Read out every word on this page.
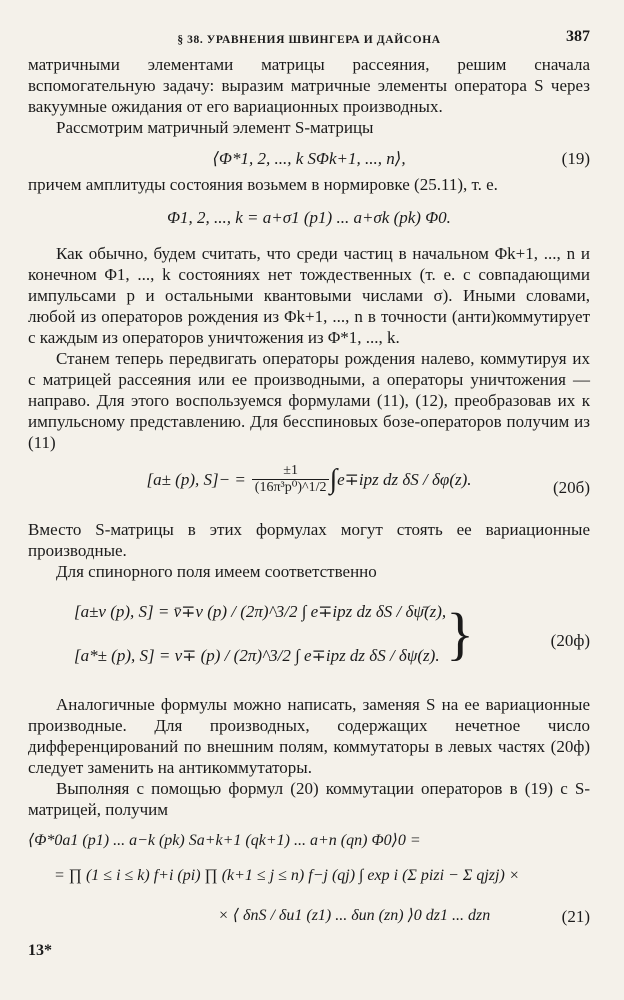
§ 38. УРАВНЕНИЯ ШВИНГЕРА И ДАЙСОНА	387

матричными элементами матрицы рассеяния, решим сначала вспомогательную задачу: выразим матричные элементы оператора S через вакуумные ожидания от его вариационных производных.

Рассмотрим матричный элемент S-матрицы

⟨Φ*1, 2, ..., k SΦk+1, ..., n⟩,	(19)

причем амплитуды состояния возьмем в нормировке (25.11), т. е.

Φ1, 2, ..., k = a+σ1 (p1) ... a+σk (pk) Φ0.

Как обычно, будем считать, что среди частиц в начальном Φk+1, ..., n и конечном Φ1, ..., k состояниях нет тождественных (т. е. с совпадающими импульсами p и остальными квантовыми числами σ). Иными словами, любой из операторов рождения из Φk+1, ..., n в точности (анти)коммутирует с каждым из операторов уничтожения из Φ*1, ..., k.

Станем теперь передвигать операторы рождения налево, коммутируя их с матрицей рассеяния или ее производными, а операторы уничтожения — направо. Для этого воспользуемся формулами (11), (12), преобразовав их к импульсному представлению. Для бесспиновых бозе-операторов получим из (11)

[a± (p), $S]- = \frac{\pm 1}{\text{(16π³p⁰)\textasciicircum{}1/2}}$ ∫ e∓ipz dz δS / δφ(z).	(20б)

Вместо S-матрицы в этих формулах могут стоять ее вариационные производные.

Для спинорного поля имеем соответственно

[a±ν (p), S] = v̄∓ν (p) / (2π)^3/2 ∫ e∓ipz dz δS / δψ̄(z),
[a*± (p), S] = v∓ (p) / (2π)^3/2 ∫ e∓ipz dz δS / δψ(z). }	(20ф)

Аналогичные формулы можно написать, заменяя S на ее вариационные производные. Для производных, содержащих нечетное число дифференцирований по внешним полям, коммутаторы в левых частях (20ф) следует заменить на антикоммутаторы.

Выполняя с помощью формул (20) коммутации операторов в (19) с S-матрицей, получим

⟨Φ*0a1 (p1) ... a−k (pk) Sa+k+1 (qk+1) ... a+n (qn) Φ0⟩0 =
= ∏ (1 ≤ i ≤ k) f+i (pi) ∏ (k+1 ≤ j ≤ n) f−j (qj) ∫ exp i (Σ pizi − Σ qjzj) ×
× ⟨ δnS / δu1 (z1) ... δun (zn) ⟩0 dz1 ... dzn	(21)
13*
